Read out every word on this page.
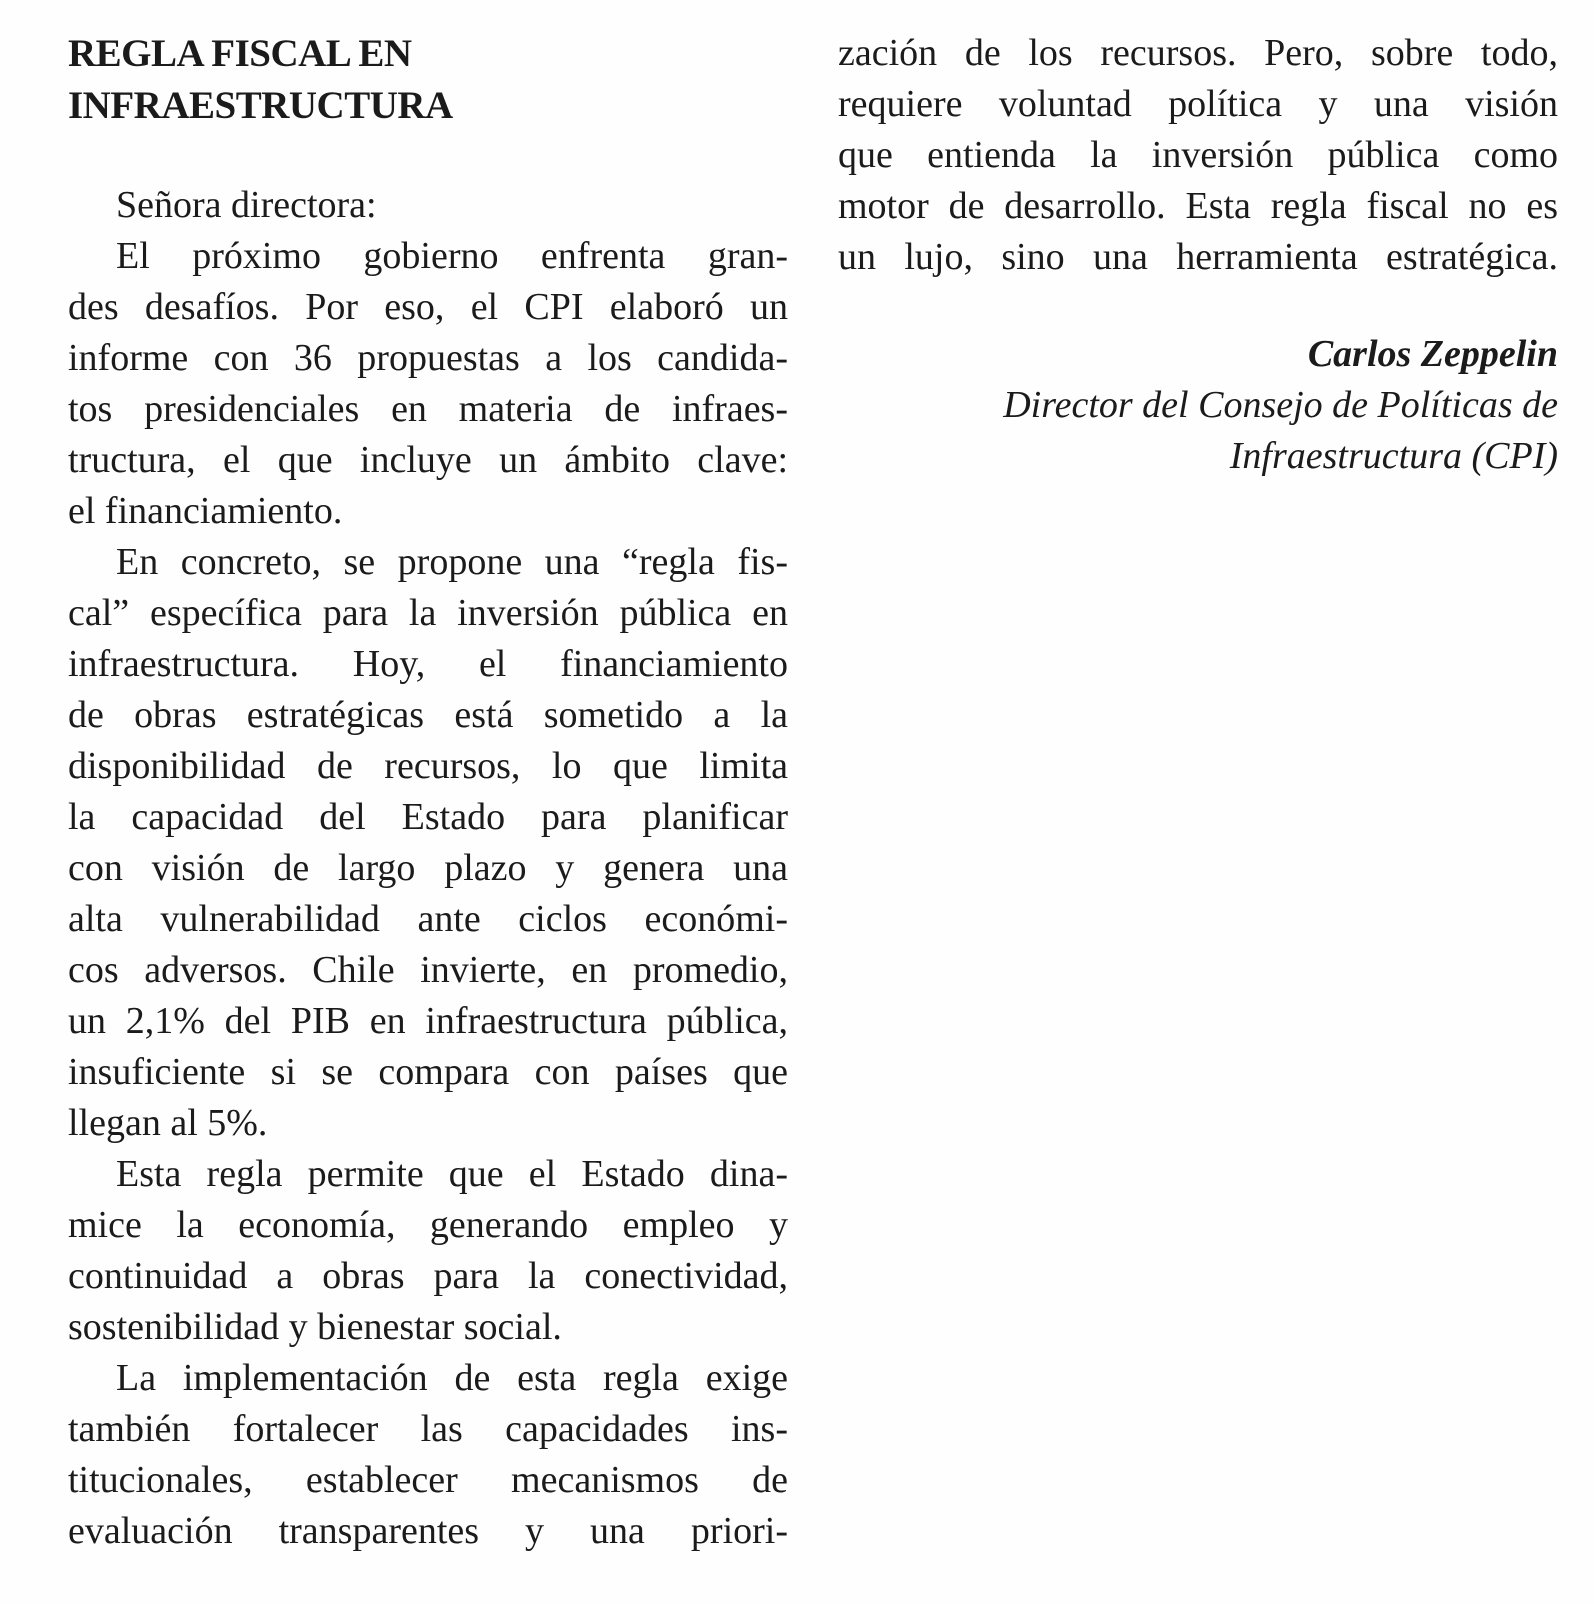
REGLA FISCAL EN
INFRAESTRUCTURA
Señora directora:
El próximo gobierno enfrenta gran-
des desafíos. Por eso, el CPI elaboró un
informe con 36 propuestas a los candida-
tos presidenciales en materia de infraes-
tructura, el que incluye un ámbito clave:
el financiamiento.
En concreto, se propone una “regla fis-
cal” específica para la inversión pública en
infraestructura. Hoy, el financiamiento
de obras estratégicas está sometido a la
disponibilidad de recursos, lo que limita
la capacidad del Estado para planificar
con visión de largo plazo y genera una
alta vulnerabilidad ante ciclos económi-
cos adversos. Chile invierte, en promedio,
un 2,1% del PIB en infraestructura pública,
insuficiente si se compara con países que
llegan al 5%.
Esta regla permite que el Estado dina-
mice la economía, generando empleo y
continuidad a obras para la conectividad,
sostenibilidad y bienestar social.
La implementación de esta regla exige
también fortalecer las capacidades ins-
titucionales, establecer mecanismos de
evaluación transparentes y una priori-
zación de los recursos. Pero, sobre todo,
requiere voluntad política y una visión
que entienda la inversión pública como
motor de desarrollo. Esta regla fiscal no es
un lujo, sino una herramienta estratégica.
Carlos Zeppelin
Director del Consejo de Políticas de
Infraestructura (CPI)
